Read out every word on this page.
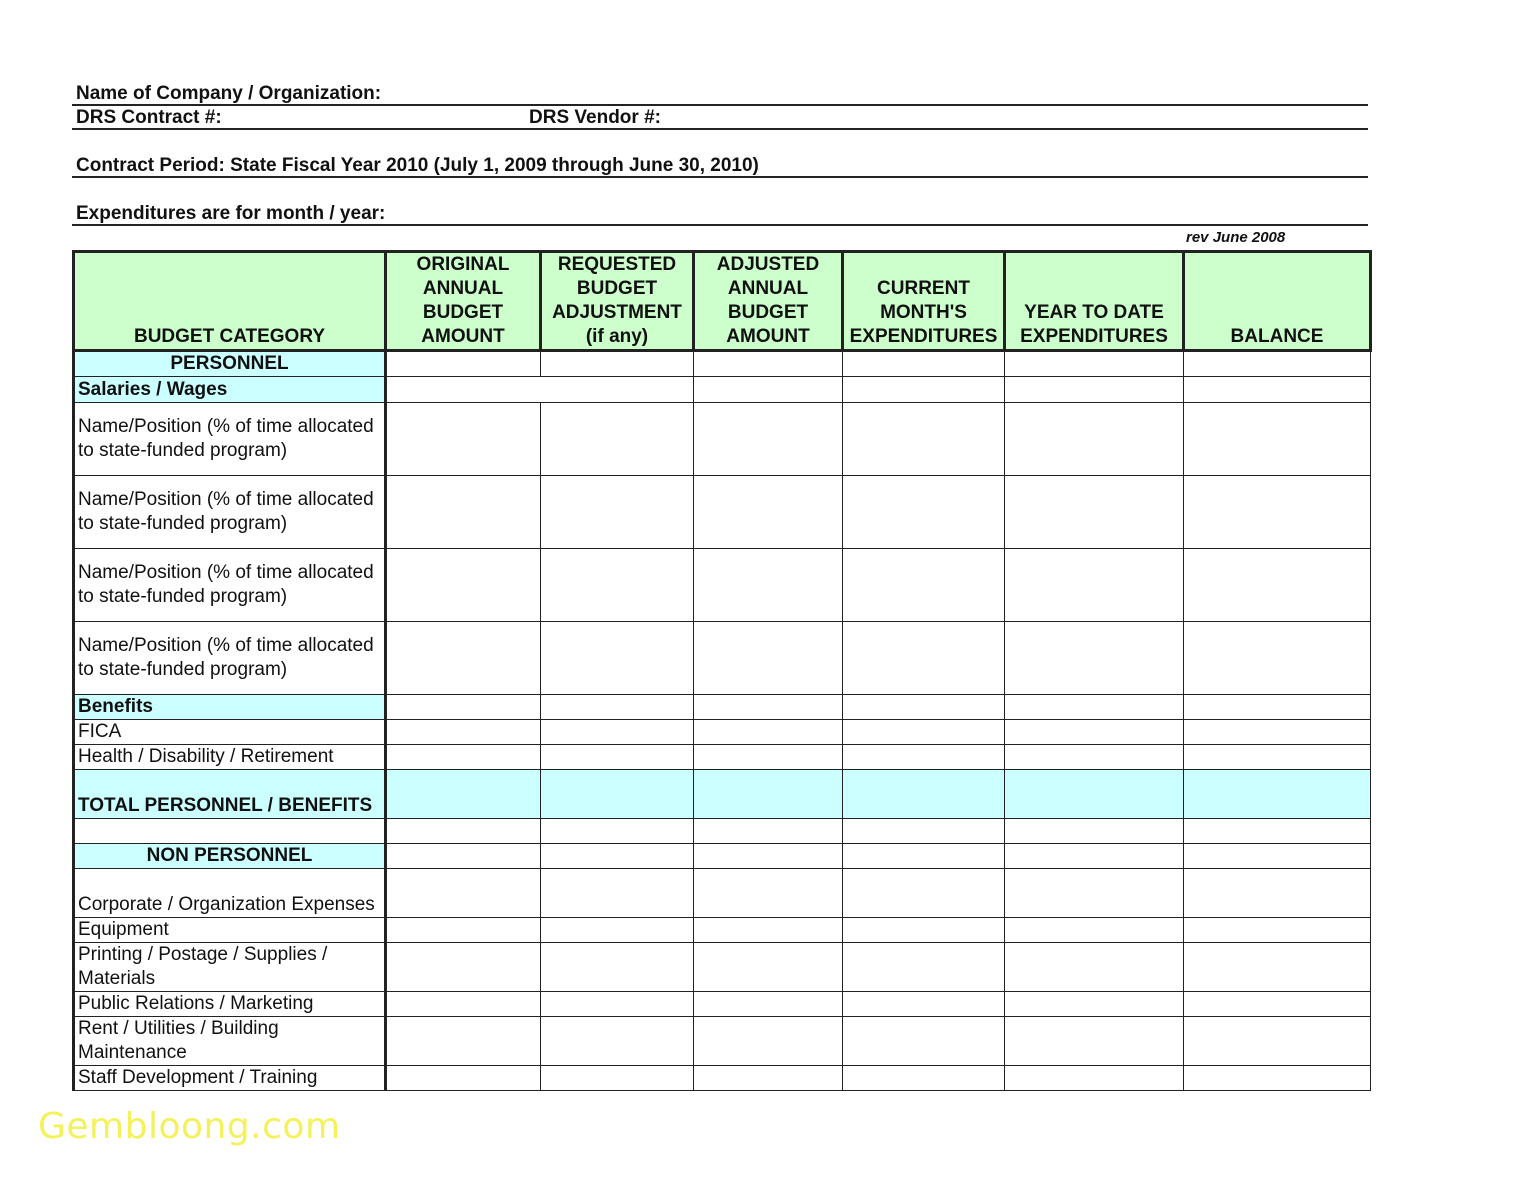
Name of Company / Organization:
DRS Contract #:	DRS Vendor #:
Contract Period: State Fiscal Year 2010 (July 1, 2009 through June 30, 2010)
Expenditures are for month / year:
rev June 2008
BUDGET CATEGORY	ORIGINAL ANNUAL BUDGET AMOUNT	REQUESTED BUDGET ADJUSTMENT (if any)	ADJUSTED ANNUAL BUDGET AMOUNT	CURRENT MONTH'S EXPENDITURES	YEAR TO DATE EXPENDITURES	BALANCE
PERSONNEL						
Salaries / Wages						
Name/Position (% of time allocated to state-funded program)						
Name/Position (% of time allocated to state-funded program)						
Name/Position (% of time allocated to state-funded program)						
Name/Position (% of time allocated to state-funded program)						
Benefits						
FICA						
Health / Disability / Retirement						
TOTAL PERSONNEL / BENEFITS						

NON PERSONNEL						
Corporate / Organization Expenses						
Equipment						
Printing / Postage / Supplies / Materials						
Public Relations / Marketing						
Rent / Utilities / Building Maintenance						
Staff Development / Training						
Gembloong.com
